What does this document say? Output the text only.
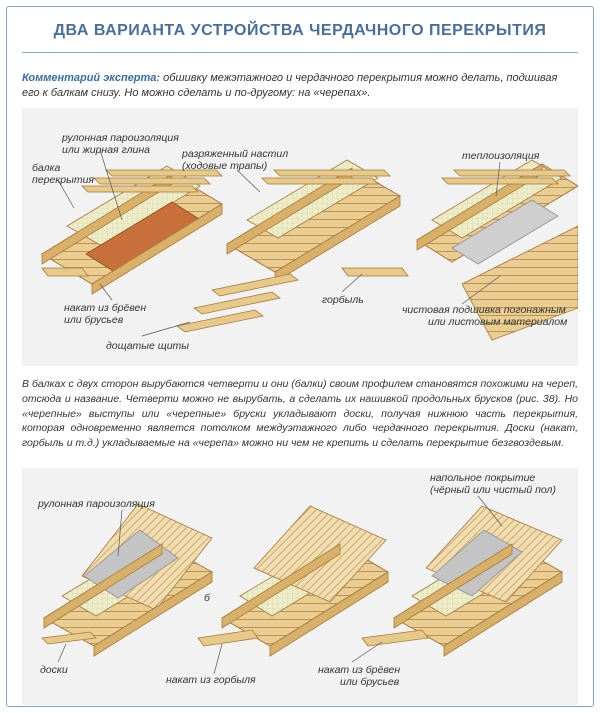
ДВА ВАРИАНТА УСТРОЙСТВА ЧЕРДАЧНОГО ПЕРЕКРЫТИЯ
Комментарий эксперта: обшивку межэтажного и чердачного перекрытия можно делать, подшивая его к балкам снизу. Но можно сделать и по-другому: на «черепах».
рулонная пароизоляция
или жирная глина
балка
перекрытия
разряженный настил
(ходовые трапы)
теплоизоляция
накат из брёвен
или брусьев
горбыль
чистовая подшивка погонажным
или листовым материалом
дощатые щиты
В балках с двух сторон вырубаются четверти и они (балки) своим профилем становятся похожими на череп, отсюда и название. Четверти можно не вырубать, а сделать их нашивкой продольных брусков (рис. 38). Но «черепные» выступы или «черепные» бруски укладывают доски, получая нижнюю часть перекрытия, которая одновременно является потолком междуэтажного либо чердачного перекрытия. Доски (накат, горбыль и т.д.) укладываемые на «черепа» можно ни чем не крепить и сделать перекрытие безгвоздевым.
рулонная пароизоляция
напольное покрытие
(чёрный или чистый пол)
б
доски
накат из горбыля
накат из брёвен
или брусьев
